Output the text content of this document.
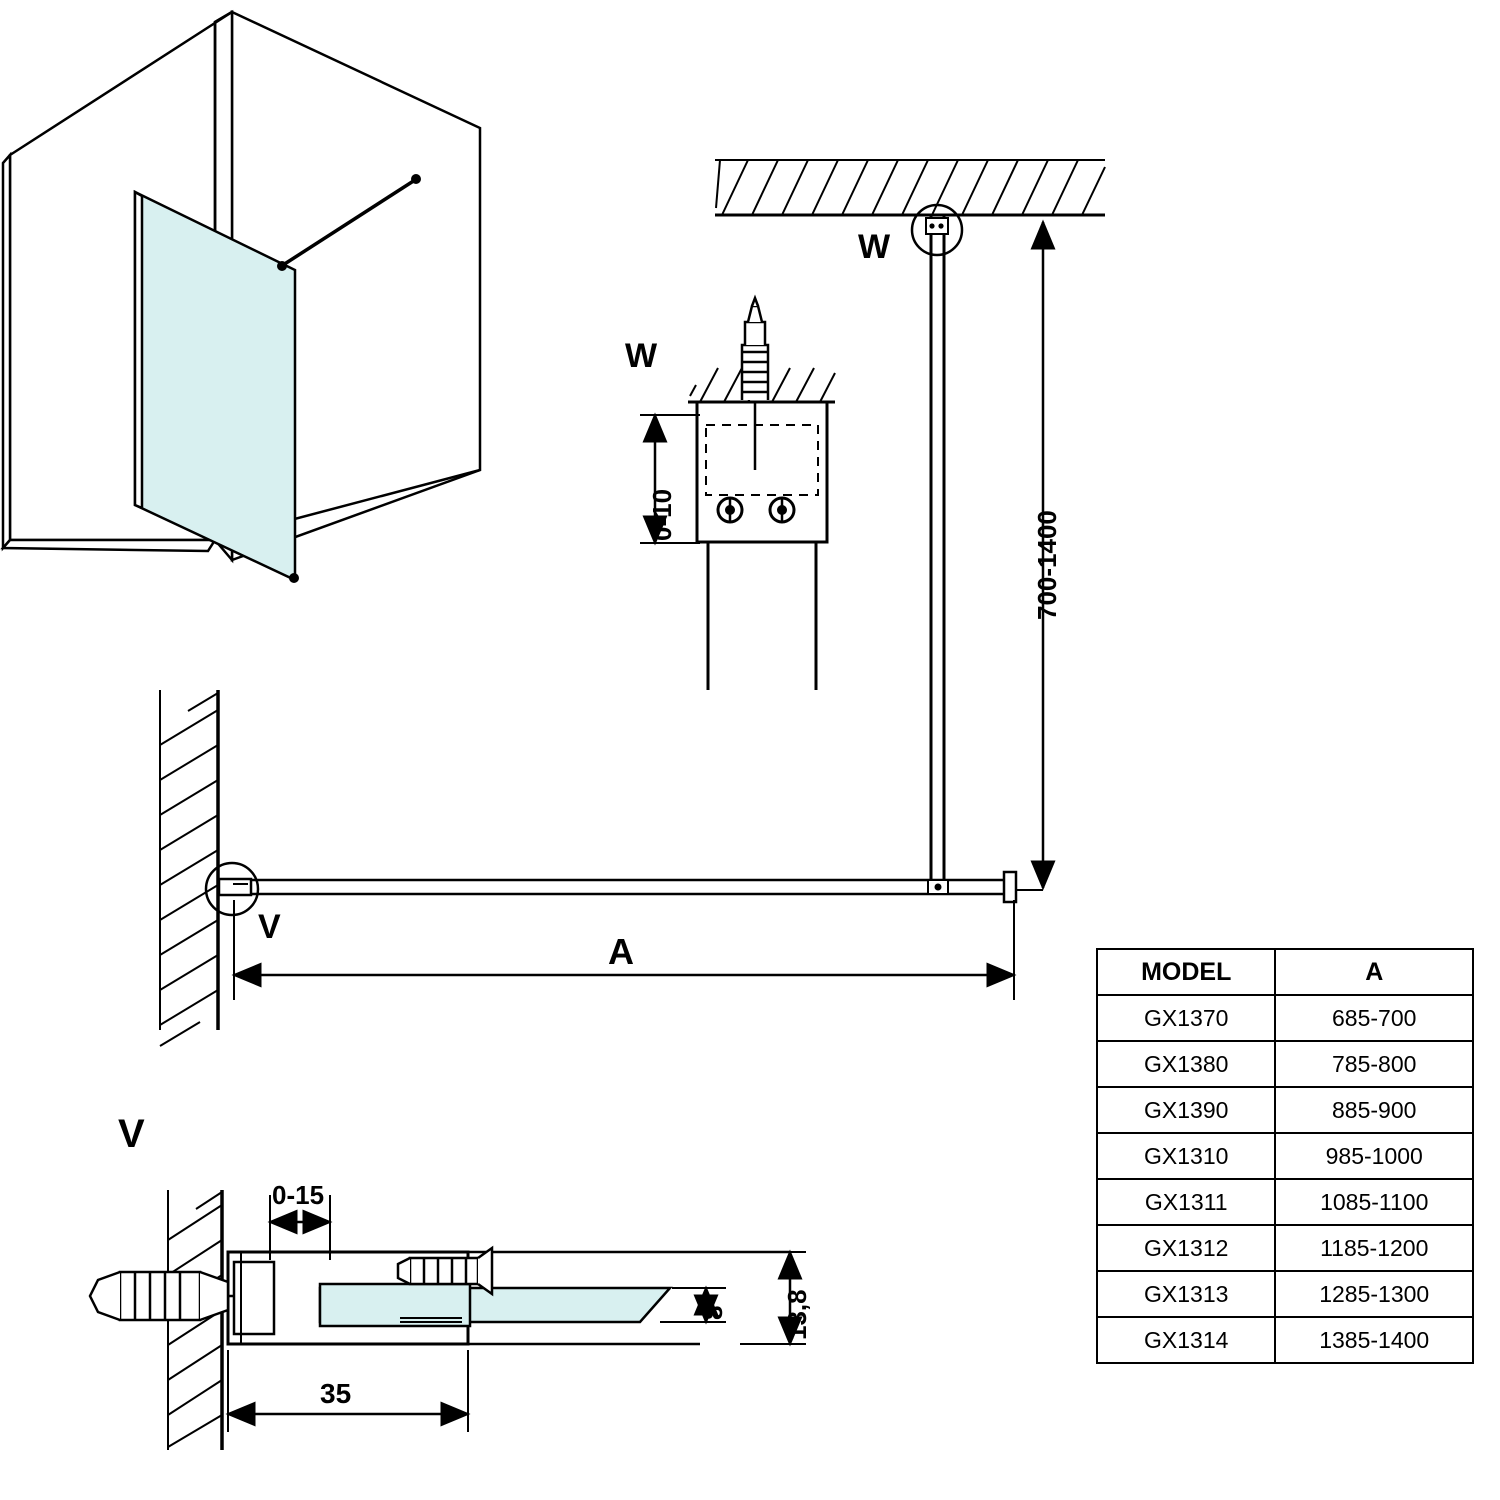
W
W
0-10	700-1400
V
A
V
0-15
35
8 13,8
MODEL	A
GX1370	685-700
GX1380	785-800
GX1390	885-900
GX1310	985-1000
GX1311	1085-1100
GX1312	1185-1200
GX1313	1285-1300
GX1314	1385-1400
